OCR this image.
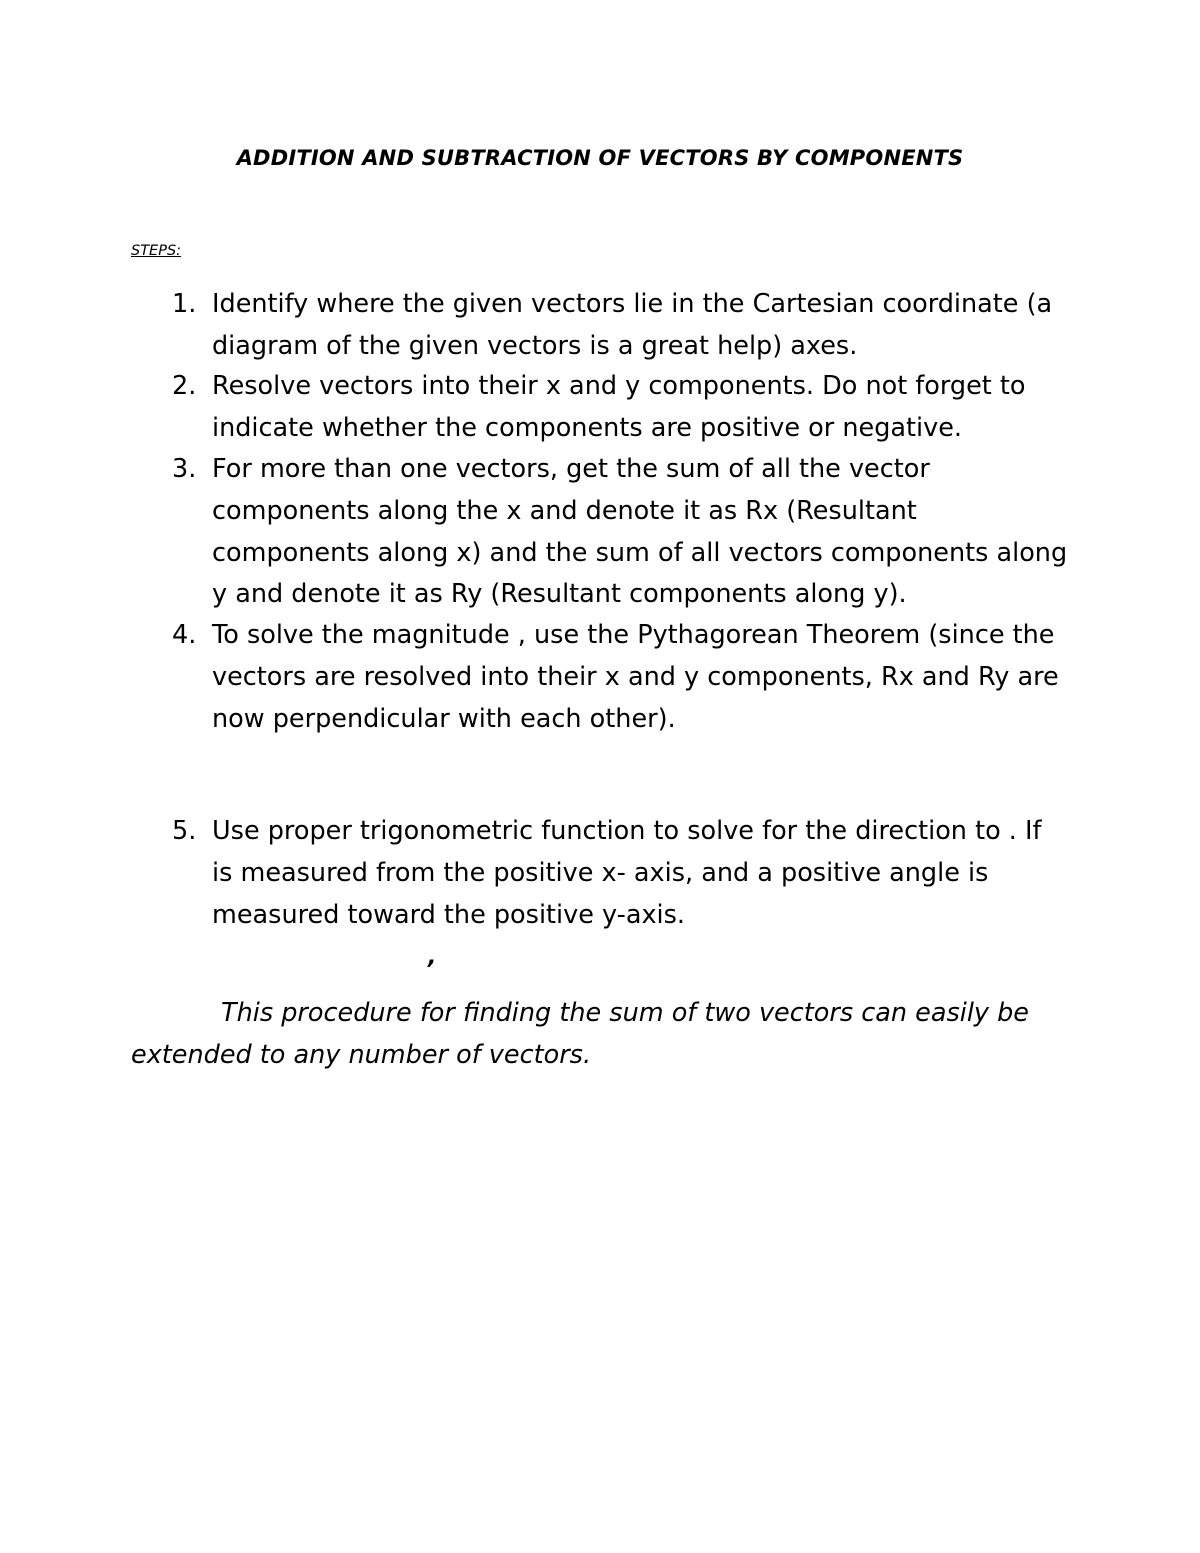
ADDITION AND SUBTRACTION OF VECTORS BY COMPONENTS
STEPS:
1. Identify where the given vectors lie in the Cartesian coordinate (a
diagram of the given vectors is a great help) axes.
2. Resolve vectors into their x and y components. Do not forget to
indicate whether the components are positive or negative.
3. For more than one vectors, get the sum of all the vector
components along the x and denote it as Rx (Resultant
components along x) and the sum of all vectors components along
y and denote it as Ry (Resultant components along y).
4. To solve the magnitude , use the Pythagorean Theorem (since the
vectors are resolved into their x and y components, Rx and Ry are
now perpendicular with each other).
5. Use proper trigonometric function to solve for the direction to . If
is measured from the positive x- axis, and a positive angle is
measured toward the positive y-axis.
,
This procedure for finding the sum of two vectors can easily be
extended to any number of vectors.
